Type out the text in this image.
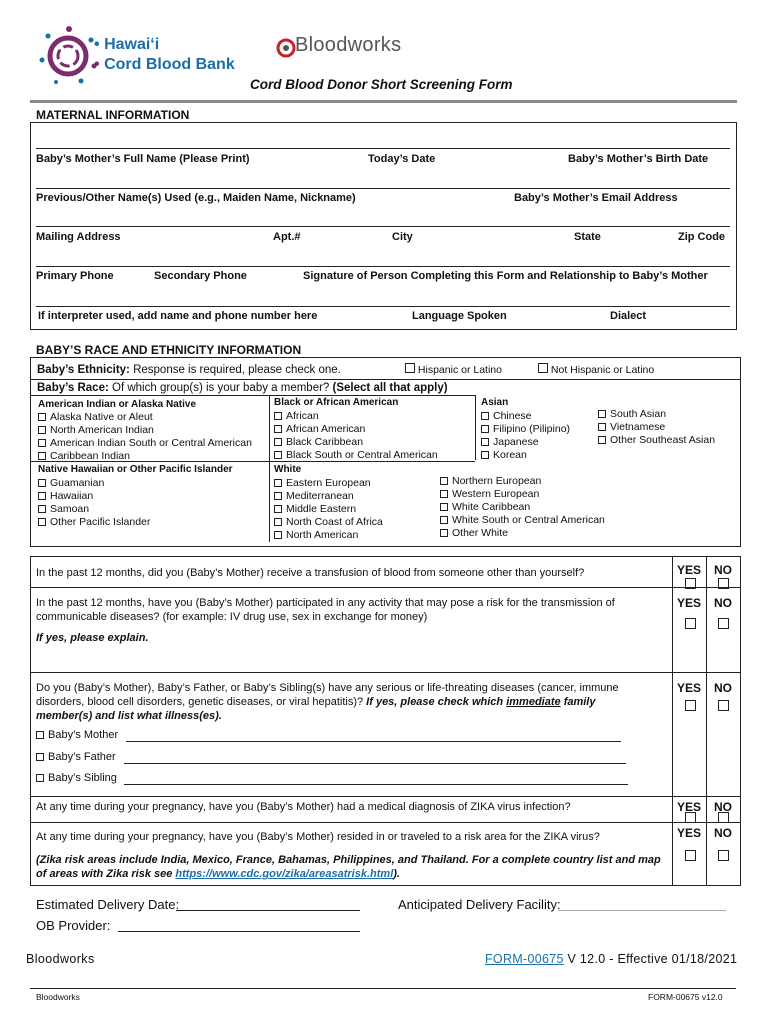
• Hawai‘i
• Cord Blood Bank
Bloodworks
Cord Blood Donor Short Screening Form
MATERNAL INFORMATION
Baby’s Mother’s Full Name (Please Print)	Today’s Date	Baby’s Mother’s Birth Date
Previous/Other Name(s) Used (e.g., Maiden Name, Nickname)	Baby’s Mother’s Email Address
Mailing Address	Apt.#	City	State	Zip Code
Primary Phone	Secondary Phone	Signature of Person Completing this Form and Relationship to Baby’s Mother
If interpreter used, add name and phone number here	Language Spoken	Dialect
BABY’S RACE AND ETHNICITY INFORMATION
Baby’s Ethnicity: Response is required, please check one.	Hispanic or Latino	Not Hispanic or Latino
Baby’s Race: Of which group(s) is your baby a member? (Select all that apply)
American Indian or Alaska Native
Alaska Native or Aleut
North American Indian
American Indian South or Central American
Caribbean Indian
Native Hawaiian or Other Pacific Islander
Guamanian
Hawaiian
Samoan
Other Pacific Islander
Black or African American
African
African American
Black Caribbean
Black South or Central American
White
Eastern European
Mediterranean
Middle Eastern
North Coast of Africa
North American
Northern European
Western European
White Caribbean
White South or Central American
Other White
Asian
Chinese
Filipino (Pilipino)
Japanese
Korean
South Asian
Vietnamese
Other Southeast Asian
In the past 12 months, did you (Baby’s Mother) receive a transfusion of blood from someone other than yourself?	YES NO
In the past 12 months, have you (Baby’s Mother) participated in any activity that may pose a risk for the transmission of communicable diseases? (for example: IV drug use, sex in exchange for money)
If yes, please explain.
YES NO
Do you (Baby’s Mother), Baby’s Father, or Baby’s Sibling(s) have any serious or life-threating diseases (cancer, immune disorders, blood cell disorders, genetic diseases, or viral hepatitis)? If yes, please check which immediate family member(s) and list what illness(es).
YES NO
Baby’s Mother
Baby’s Father
Baby’s Sibling
At any time during your pregnancy, have you (Baby’s Mother) had a medical diagnosis of ZIKA virus infection?	YES NO
At any time during your pregnancy, have you (Baby’s Mother) resided in or traveled to a risk area for the ZIKA virus?	YES NO
(Zika risk areas include India, Mexico, France, Bahamas, Philippines, and Thailand. For a complete country list and map of areas with Zika risk see https://www.cdc.gov/zika/areasatrisk.html).
Estimated Delivery Date:	Anticipated Delivery Facility:
OB Provider:
Bloodworks	FORM-00675 V 12.0 - Effective 01/18/2021
Bloodworks	FORM-00675 v12.0
